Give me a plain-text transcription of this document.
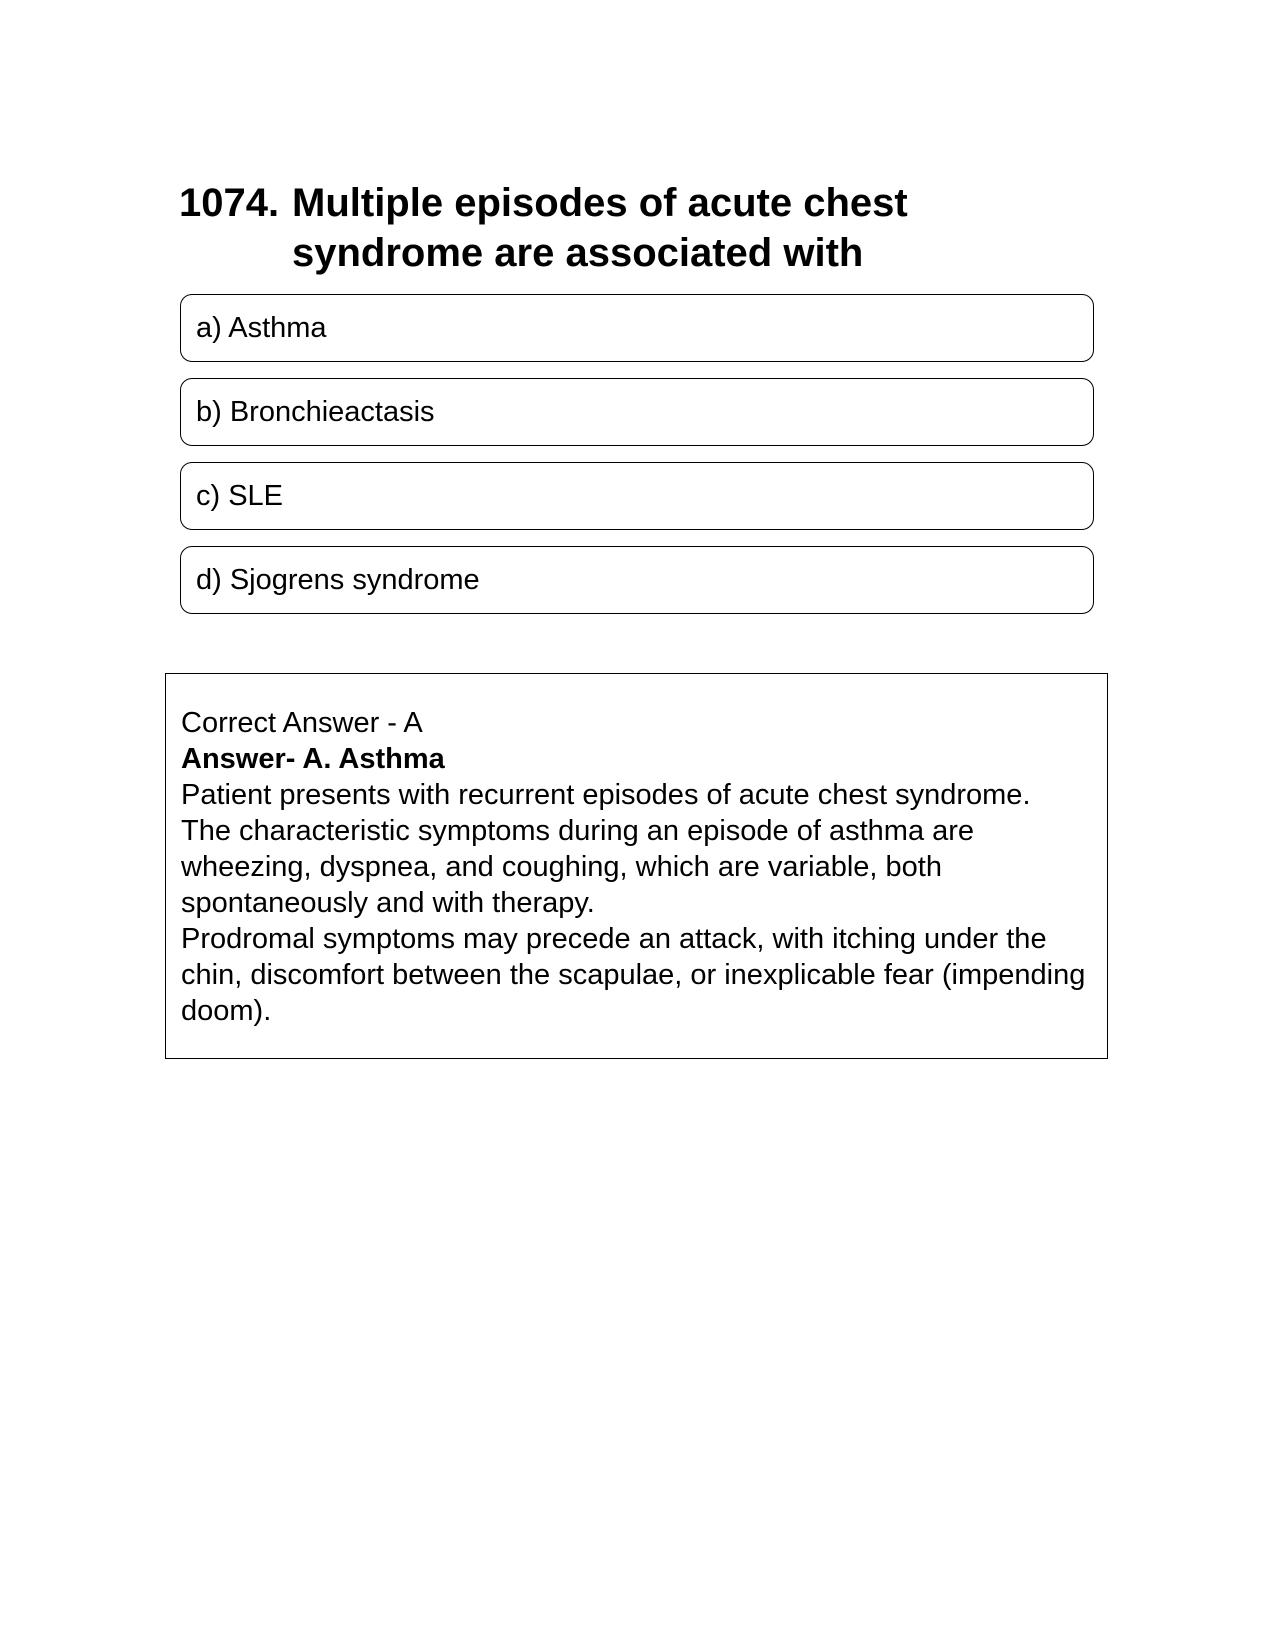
1074. Multiple episodes of acute chest syndrome are associated with
a) Asthma
b) Bronchieactasis
c) SLE
d) Sjogrens syndrome

Correct Answer - A

Answer- A. Asthma

Patient presents with recurrent episodes of acute chest syndrome.

The characteristic symptoms during an episode of asthma are wheezing, dyspnea, and coughing, which are variable, both spontaneously and with therapy.

Prodromal symptoms may precede an attack, with itching under the chin, discomfort between the scapulae, or inexplicable fear (impending doom).
